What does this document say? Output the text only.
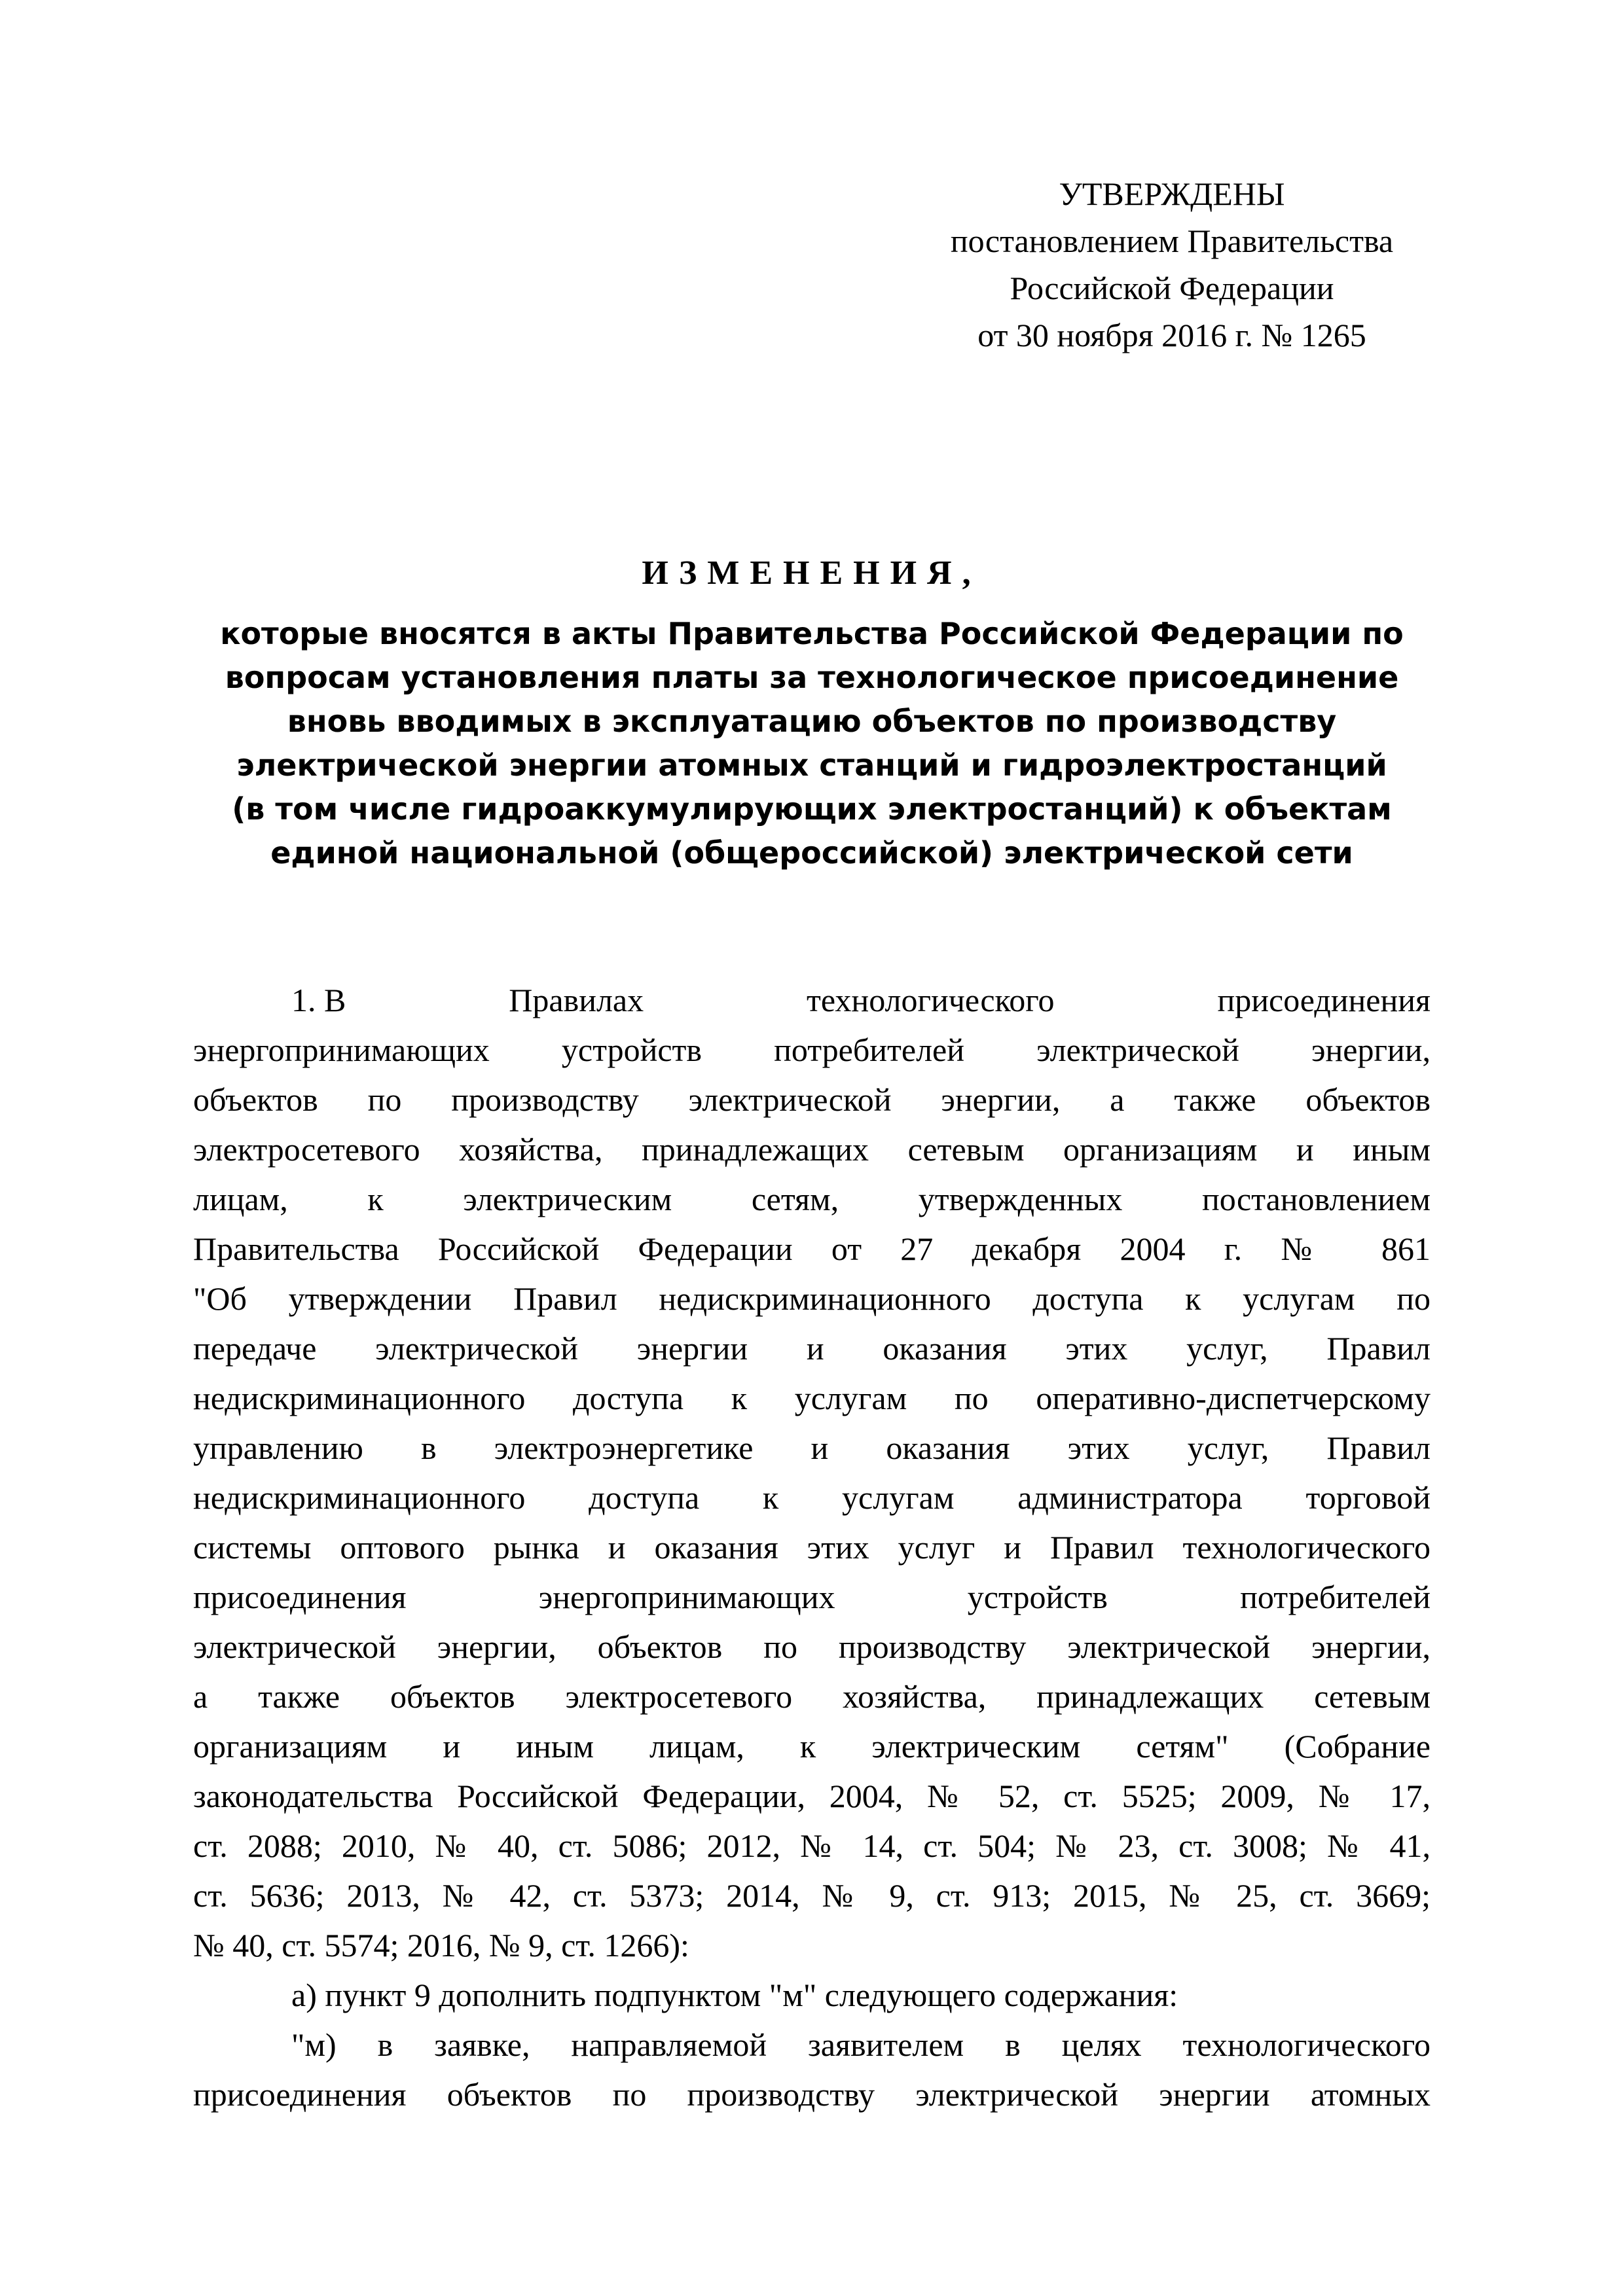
УТВЕРЖДЕНЫ
постановлением Правительства
Российской Федерации
от 30 ноября 2016 г. № 1265
ИЗМЕНЕНИЯ,
которые вносятся в акты Правительства Российской Федерации по
вопросам установления платы за технологическое присоединение
вновь вводимых в эксплуатацию объектов по производству
электрической энергии атомных станций и гидроэлектростанций
(в том числе гидроаккумулирующих электростанций) к объектам
единой национальной (общероссийской) электрической сети
1. В	Правилах	технологического	присоединения
энергопринимающих устройств потребителей электрической энергии,
объектов по производству электрической энергии, а также объектов
электросетевого хозяйства, принадлежащих сетевым организациям и иным
лицам, к электрическим сетям, утвержденных постановлением
Правительства Российской Федерации от 27 декабря 2004 г. № 861
"Об утверждении Правил недискриминационного доступа к услугам по
передаче электрической энергии и оказания этих услуг, Правил
недискриминационного доступа к услугам по оперативно-диспетчерскому
управлению в электроэнергетике и оказания этих услуг, Правил
недискриминационного доступа к услугам администратора торговой
системы оптового рынка и оказания этих услуг и Правил технологического
присоединения энергопринимающих устройств потребителей
электрической энергии, объектов по производству электрической энергии,
а также объектов электросетевого хозяйства, принадлежащих сетевым
организациям и иным лицам, к электрическим сетям" (Собрание
законодательства Российской Федерации, 2004, № 52, ст. 5525; 2009, № 17,
ст. 2088; 2010, № 40, ст. 5086; 2012, № 14, ст. 504; № 23, ст. 3008; № 41,
ст. 5636; 2013, № 42, ст. 5373; 2014, № 9, ст. 913; 2015, № 25, ст. 3669;
№ 40, ст. 5574; 2016, № 9, ст. 1266):
а) пункт 9 дополнить подпунктом "м" следующего содержания:
"м) в заявке, направляемой заявителем в целях технологического
присоединения объектов по производству электрической энергии атомных
